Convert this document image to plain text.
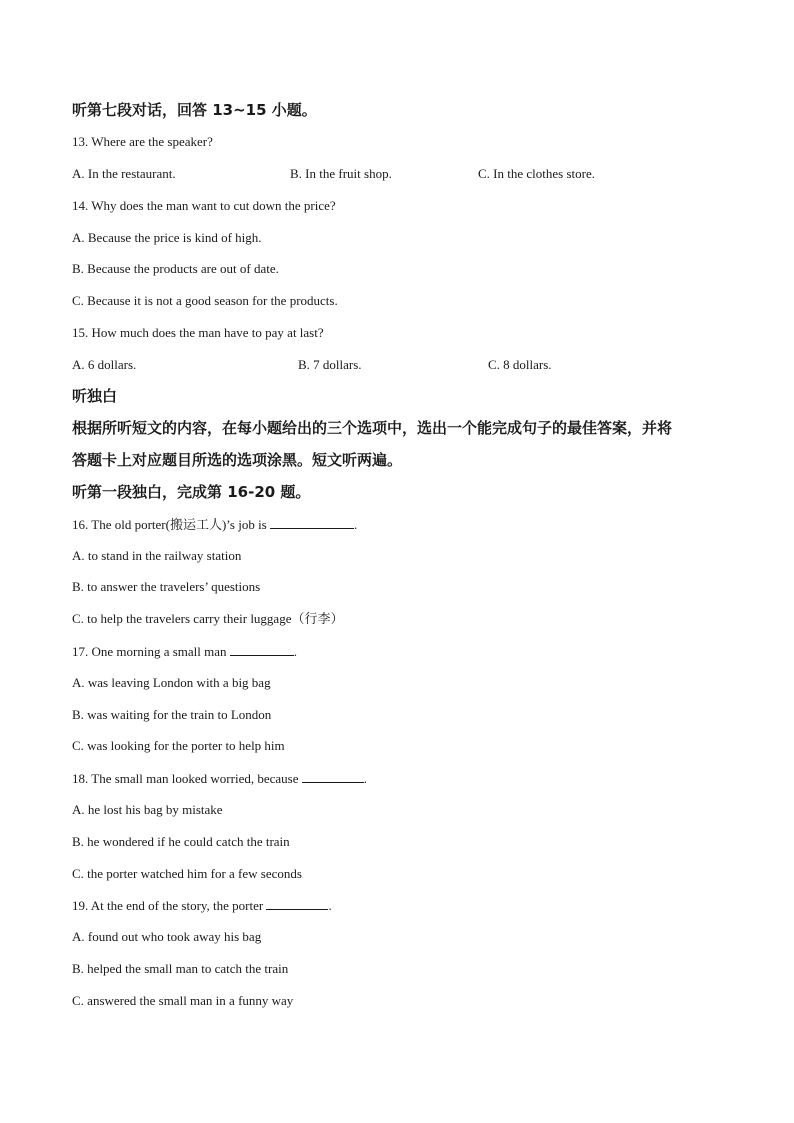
听第七段对话，回答 13~15 小题。
13. Where are the speaker?
A. In the restaurant.	B. In the fruit shop.	C. In the clothes store.
14. Why does the man want to cut down the price?
A. Because the price is kind of high.
B. Because the products are out of date.
C. Because it is not a good season for the products.
15. How much does the man have to pay at last?
A. 6 dollars.	B. 7 dollars.	C. 8 dollars.
听独白
根据所听短文的内容，在每小题给出的三个选项中，选出一个能完成句子的最佳答案，并将
答题卡上对应题目所选的选项涂黑。短文听两遍。
听第一段独白，完成第 16-20 题。
16. The old porter(搬运工人)’s job is	.
A. to stand in the railway station
B. to answer the travelers’ questions
C. to help the travelers carry their luggage（行李）
17. One morning a small man	.
A. was leaving London with a big bag
B. was waiting for the train to London
C. was looking for the porter to help him
18. The small man looked worried, because	.
A. he lost his bag by mistake
B. he wondered if he could catch the train
C. the porter watched him for a few seconds
19. At the end of the story, the porter	.
A. found out who took away his bag
B. helped the small man to catch the train
C. answered the small man in a funny way
